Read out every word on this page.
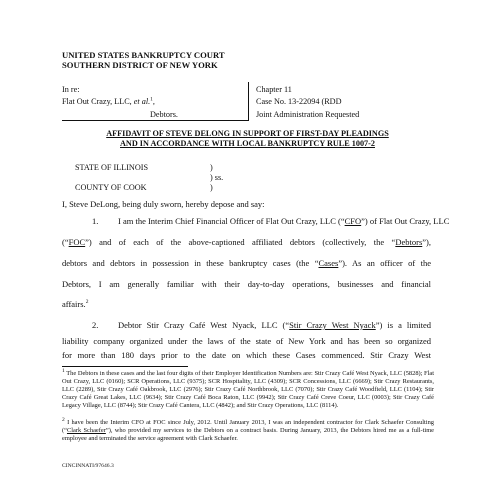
UNITED STATES BANKRUPTCY COURT
SOUTHERN DISTRICT OF NEW YORK
In re:
Flat Out Crazy, LLC, et al.$^1$,
Debtors.
Chapter 11
Case No. 13-22094 (RDD
Joint Administration Requested
AFFIDAVIT OF STEVE DELONG IN SUPPORT OF FIRST-DAY PLEADINGS
AND IN ACCORDANCE WITH LOCAL BANKRUPTCY RULE 1007-2
STATE OF ILLINOIS	)
) ss.
COUNTY OF COOK	)
I, Steve DeLong, being duly sworn, hereby depose and say:
1.	I am the Interim Chief Financial Officer of Flat Out Crazy, LLC (“CFO”) of Flat Out Crazy, LLC
(“FOC”) and of each of the above-captioned affiliated debtors (collectively, the “Debtors”),
debtors and debtors in possession in these bankruptcy cases (the “Cases”). As an officer of the
Debtors, I am generally familiar with their day-to-day operations, businesses and financial
affairs.$^2$
2.	Debtor Stir Crazy Café West Nyack, LLC (“Stir Crazy West Nyack”) is a limited
liability company organized under the laws of the state of New York and has been so organized
$^1$ The Debtors in these cases and the last four digits of their Employer Identification Numbers are: Stir Crazy Café West Nyack, LLC (5828); Flat Out Crazy, LLC (0160); SCR Operations, LLC (9375); SCR Hospitality, LLC (4309); SCR Concessions, LLC (6669); Stir Crazy Restaurants, LLC (2289), Stir Crazy Café Oakbrook, LLC (2976); Stir Crazy Café Northbrook, LLC (7070); Stir Crazy Café Woodfield, LLC (1104); Stir Crazy Café Great Lakes, LLC (9634); Stir Crazy Café Boca Raton, LLC (9942); Stir Crazy Café Creve Coeur, LLC (0003); Stir Crazy Café Legacy Village, LLC (8744); Stir Crazy Café Cantera, LLC (4842); and Stir Crazy Operations, LLC (8114).
$^2$ I have been the Interim CFO at FOC since July, 2012. Until January 2013, I was an independent contractor for Clark Schaefer Consulting (“Clark Schaefer”), who provided my services to the Debtors on a contract basis. During January, 2013, the Debtors hired me as a full-time employee and terminated the service agreement with Clark Schaefer.
CINCINNATI/97646.3
for more than 180 days prior to the date on which these Cases commenced. Stir Crazy West
